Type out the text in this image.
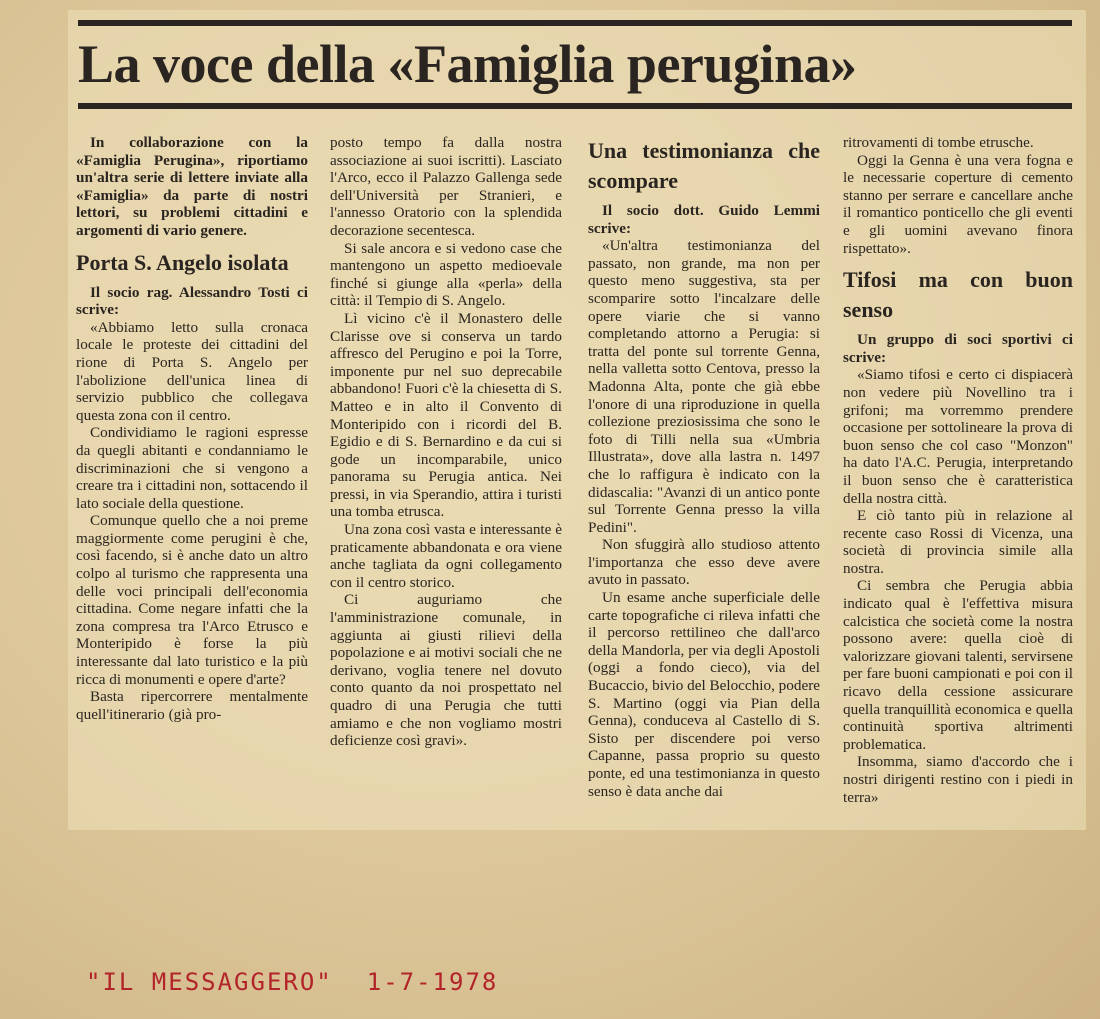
La voce della «Famiglia perugina»

In collaborazione con la «Famiglia Perugina», riportiamo un'altra serie di lettere inviate alla «Famiglia» da parte di nostri lettori, su problemi cittadini e argomenti di vario genere.

Porta S. Angelo isolata

Il socio rag. Alessandro Tosti ci scrive:

«Abbiamo letto sulla cronaca locale le proteste dei cittadini del rione di Porta S. Angelo per l'abolizione dell'unica linea di servizio pubblico che collegava questa zona con il centro.

Condividiamo le ragioni espresse da quegli abitanti e condanniamo le discriminazioni che si vengono a creare tra i cittadini non, sottacendo il lato sociale della questione.

Comunque quello che a noi preme maggiormente come perugini è che, così facendo, si è anche dato un altro colpo al turismo che rappresenta una delle voci principali dell'economia cittadina. Come negare infatti che la zona compresa tra l'Arco Etrusco e Monteripido è forse la più interessante dal lato turistico e la più ricca di monumenti e opere d'arte?

Basta ripercorrere mentalmente quell'itinerario (già pro-

posto tempo fa dalla nostra associazione ai suoi iscritti). Lasciato l'Arco, ecco il Palazzo Gallenga sede dell'Università per Stranieri, e l'annesso Oratorio con la splendida decorazione secentesca.

Si sale ancora e si vedono case che mantengono un aspetto medioevale finché si giunge alla «perla» della città: il Tempio di S. Angelo.

Lì vicino c'è il Monastero delle Clarisse ove si conserva un tardo affresco del Perugino e poi la Torre, imponente pur nel suo deprecabile abbandono! Fuori c'è la chiesetta di S. Matteo e in alto il Convento di Monteripido con i ricordi del B. Egidio e di S. Bernardino e da cui si gode un incomparabile, unico panorama su Perugia antica. Nei pressi, in via Sperandio, attira i turisti una tomba etrusca.

Una zona così vasta e interessante è praticamente abbandonata e ora viene anche tagliata da ogni collegamento con il centro storico.

Ci auguriamo che l'amministrazione comunale, in aggiunta ai giusti rilievi della popolazione e ai motivi sociali che ne derivano, voglia tenere nel dovuto conto quanto da noi prospettato nel quadro di una Perugia che tutti amiamo e che non vogliamo mostri deficienze così gravi».

Una testimonianza che scompare

Il socio dott. Guido Lemmi scrive:

«Un'altra testimonianza del passato, non grande, ma non per questo meno suggestiva, sta per scomparire sotto l'incalzare delle opere viarie che si vanno completando attorno a Perugia: si tratta del ponte sul torrente Genna, nella valletta sotto Centova, presso la Madonna Alta, ponte che già ebbe l'onore di una riproduzione in quella collezione preziosissima che sono le foto di Tilli nella sua «Umbria Illustrata», dove alla lastra n. 1497 che lo raffigura è indicato con la didascalia: "Avanzi di un antico ponte sul Torrente Genna presso la villa Pedini".

Non sfuggirà allo studioso attento l'importanza che esso deve avere avuto in passato.

Un esame anche superficiale delle carte topografiche ci rileva infatti che il percorso rettilineo che dall'arco della Mandorla, per via degli Apostoli (oggi a fondo cieco), via del Bucaccio, bivio del Belocchio, podere S. Martino (oggi via Pian della Genna), conduceva al Castello di S. Sisto per discendere poi verso Capanne, passa proprio su questo ponte, ed una testimonianza in questo senso è data anche dai

ritrovamenti di tombe etrusche.

Oggi la Genna è una vera fogna e le necessarie coperture di cemento stanno per serrare e cancellare anche il romantico ponticello che gli eventi e gli uomini avevano finora rispettato».

Tifosi ma con buon senso

Un gruppo di soci sportivi ci scrive:

«Siamo tifosi e certo ci dispiacerà non vedere più Novellino tra i grifoni; ma vorremmo prendere occasione per sottolineare la prova di buon senso che col caso "Monzon" ha dato l'A.C. Perugia, interpretando il buon senso che è caratteristica della nostra città.

E ciò tanto più in relazione al recente caso Rossi di Vicenza, una società di provincia simile alla nostra.

Ci sembra che Perugia abbia indicato qual è l'effettiva misura calcistica che società come la nostra possono avere: quella cioè di valorizzare giovani talenti, servirsene per fare buoni campionati e poi con il ricavo della cessione assicurare quella tranquillità economica e quella continuità sportiva altrimenti problematica.

Insomma, siamo d'accordo che i nostri dirigenti restino con i piedi in terra»

"IL MESSAGGERO" 1-7-1978
